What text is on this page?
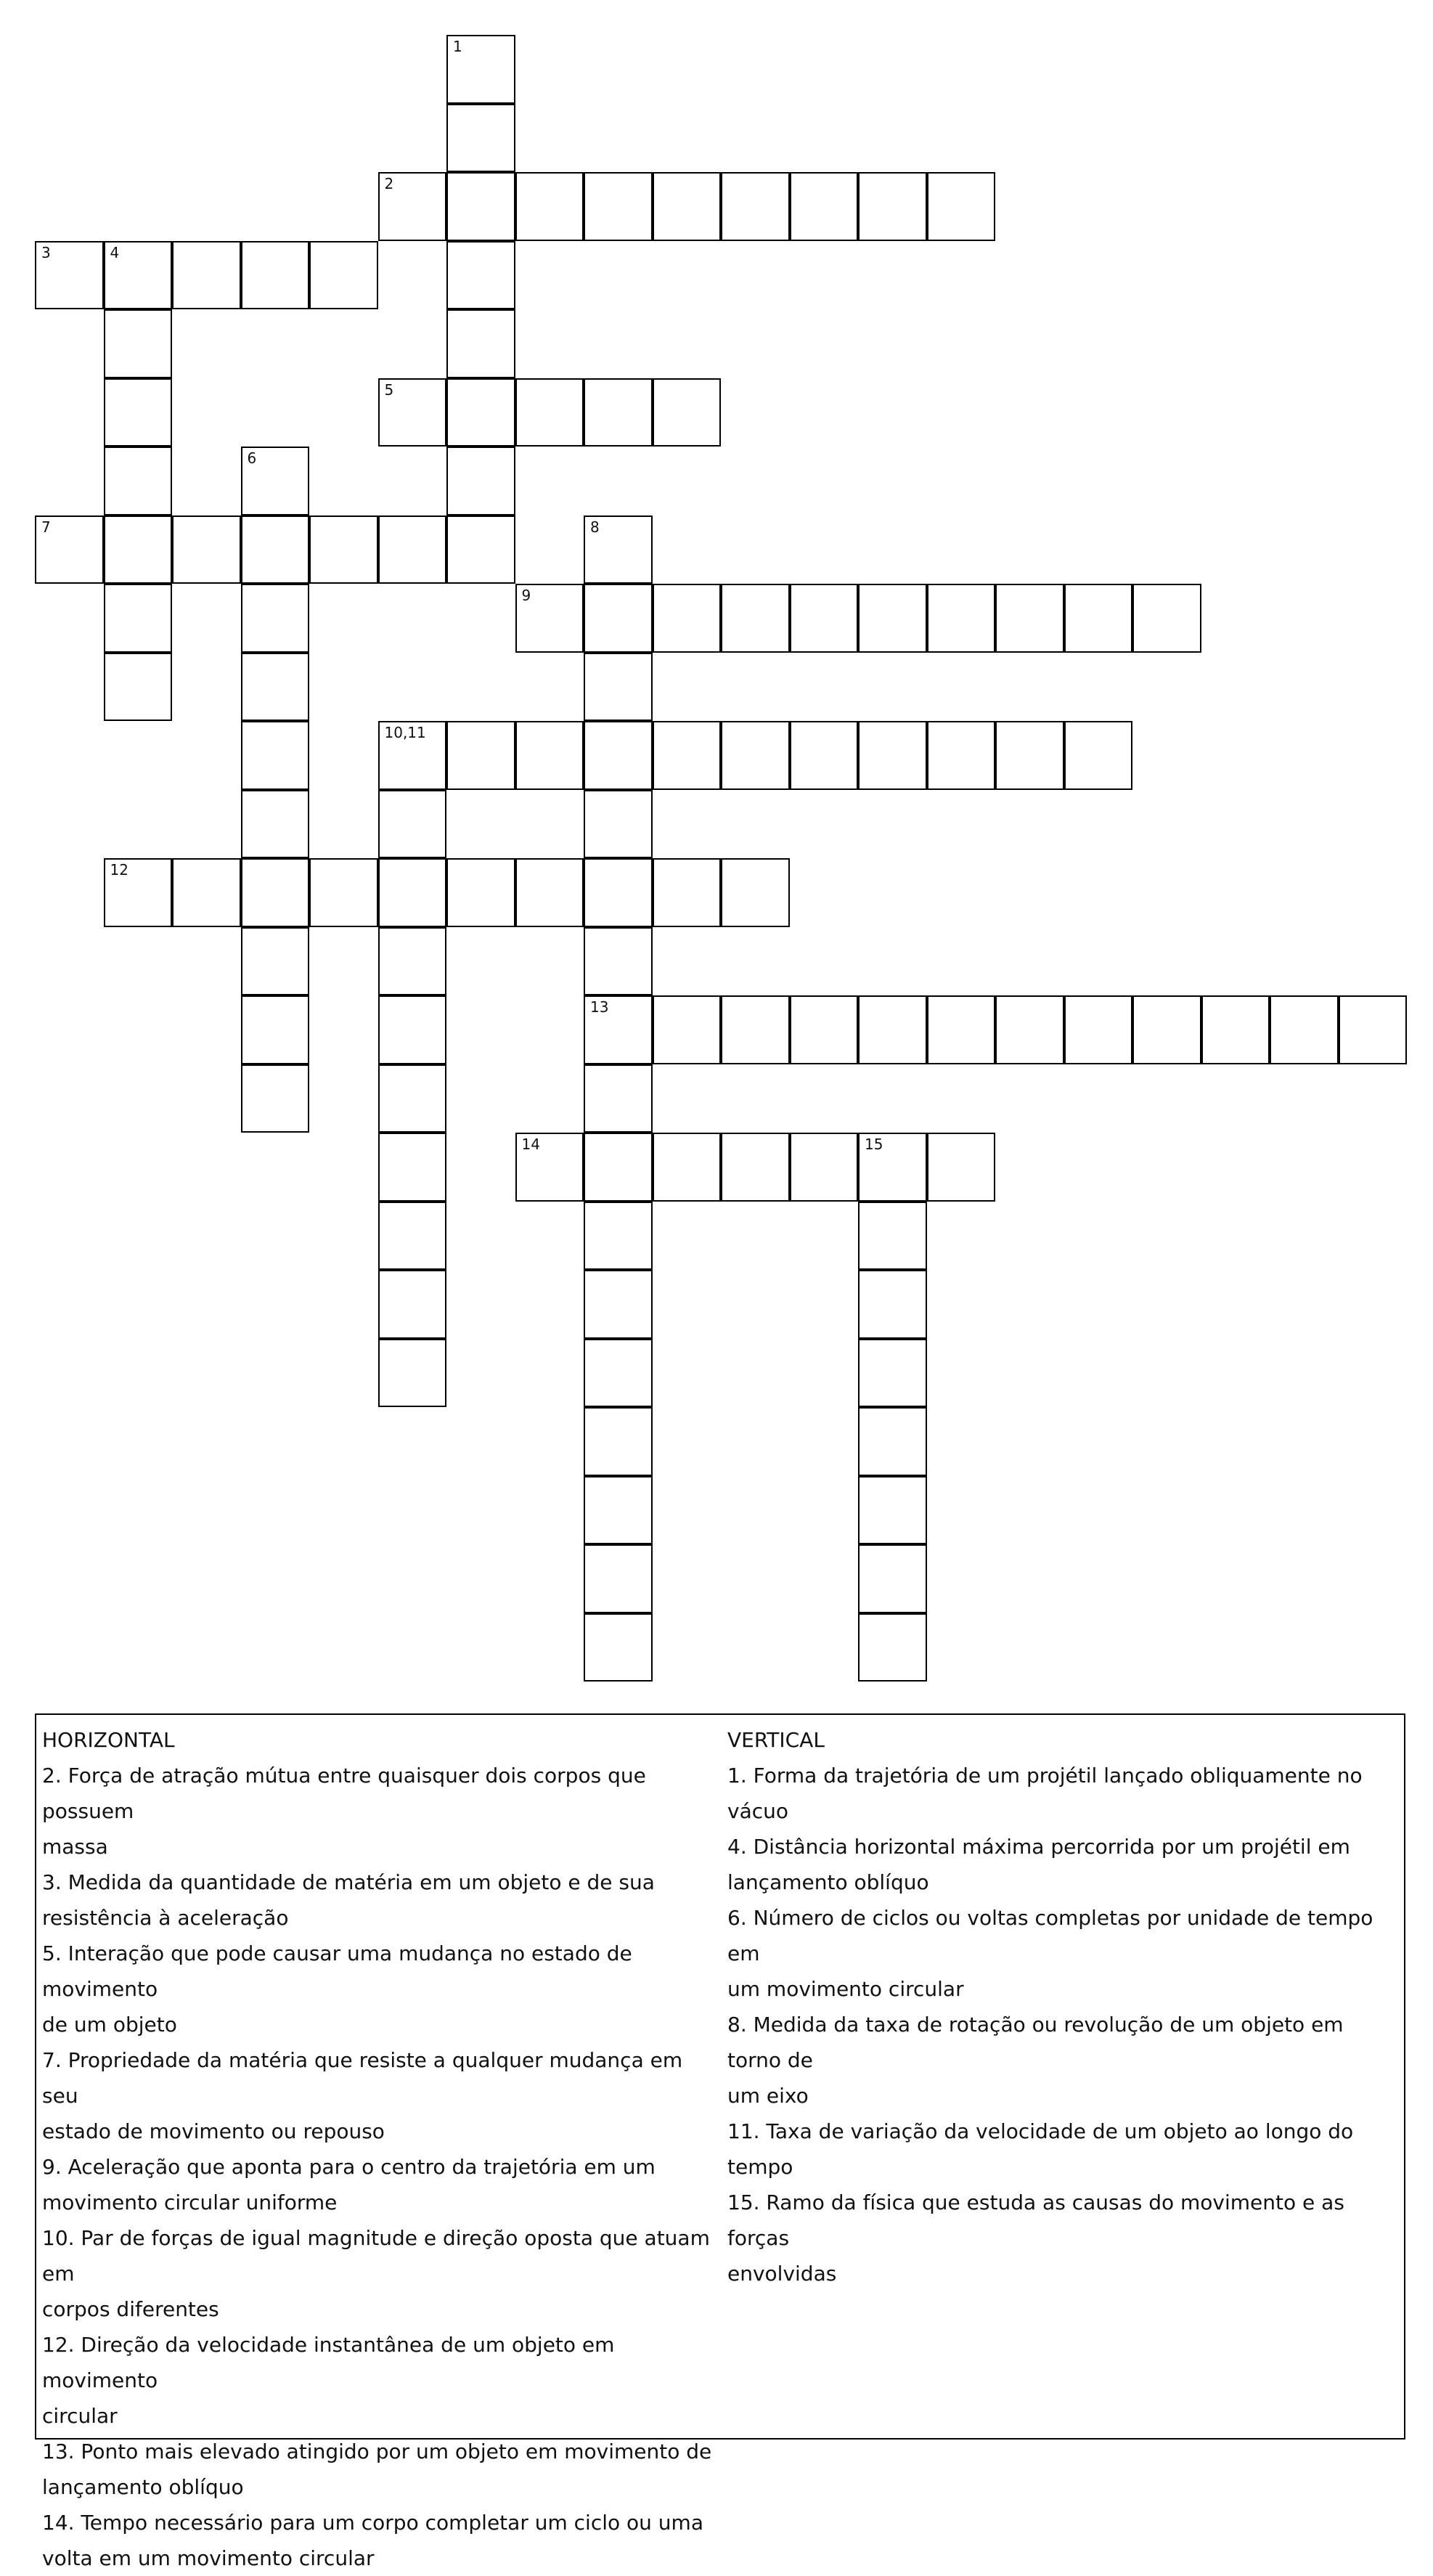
1
2
3	4
5
6
7	8
9
10,11
12
13
14	15

HORIZONTAL

2. Força de atração mútua entre quaisquer dois corpos que possuem

massa

3. Medida da quantidade de matéria em um objeto e de sua

resistência à aceleração

5. Interação que pode causar uma mudança no estado de movimento

de um objeto

7. Propriedade da matéria que resiste a qualquer mudança em seu

estado de movimento ou repouso

9. Aceleração que aponta para o centro da trajetória em um

movimento circular uniforme

10. Par de forças de igual magnitude e direção oposta que atuam em

corpos diferentes

12. Direção da velocidade instantânea de um objeto em movimento

circular

13. Ponto mais elevado atingido por um objeto em movimento de

lançamento oblíquo

14. Tempo necessário para um corpo completar um ciclo ou uma

volta em um movimento circular

VERTICAL

1. Forma da trajetória de um projétil lançado obliquamente no vácuo

4. Distância horizontal máxima percorrida por um projétil em

lançamento oblíquo

6. Número de ciclos ou voltas completas por unidade de tempo em

um movimento circular

8. Medida da taxa de rotação ou revolução de um objeto em torno de

um eixo

11. Taxa de variação da velocidade de um objeto ao longo do tempo

15. Ramo da física que estuda as causas do movimento e as forças

envolvidas
